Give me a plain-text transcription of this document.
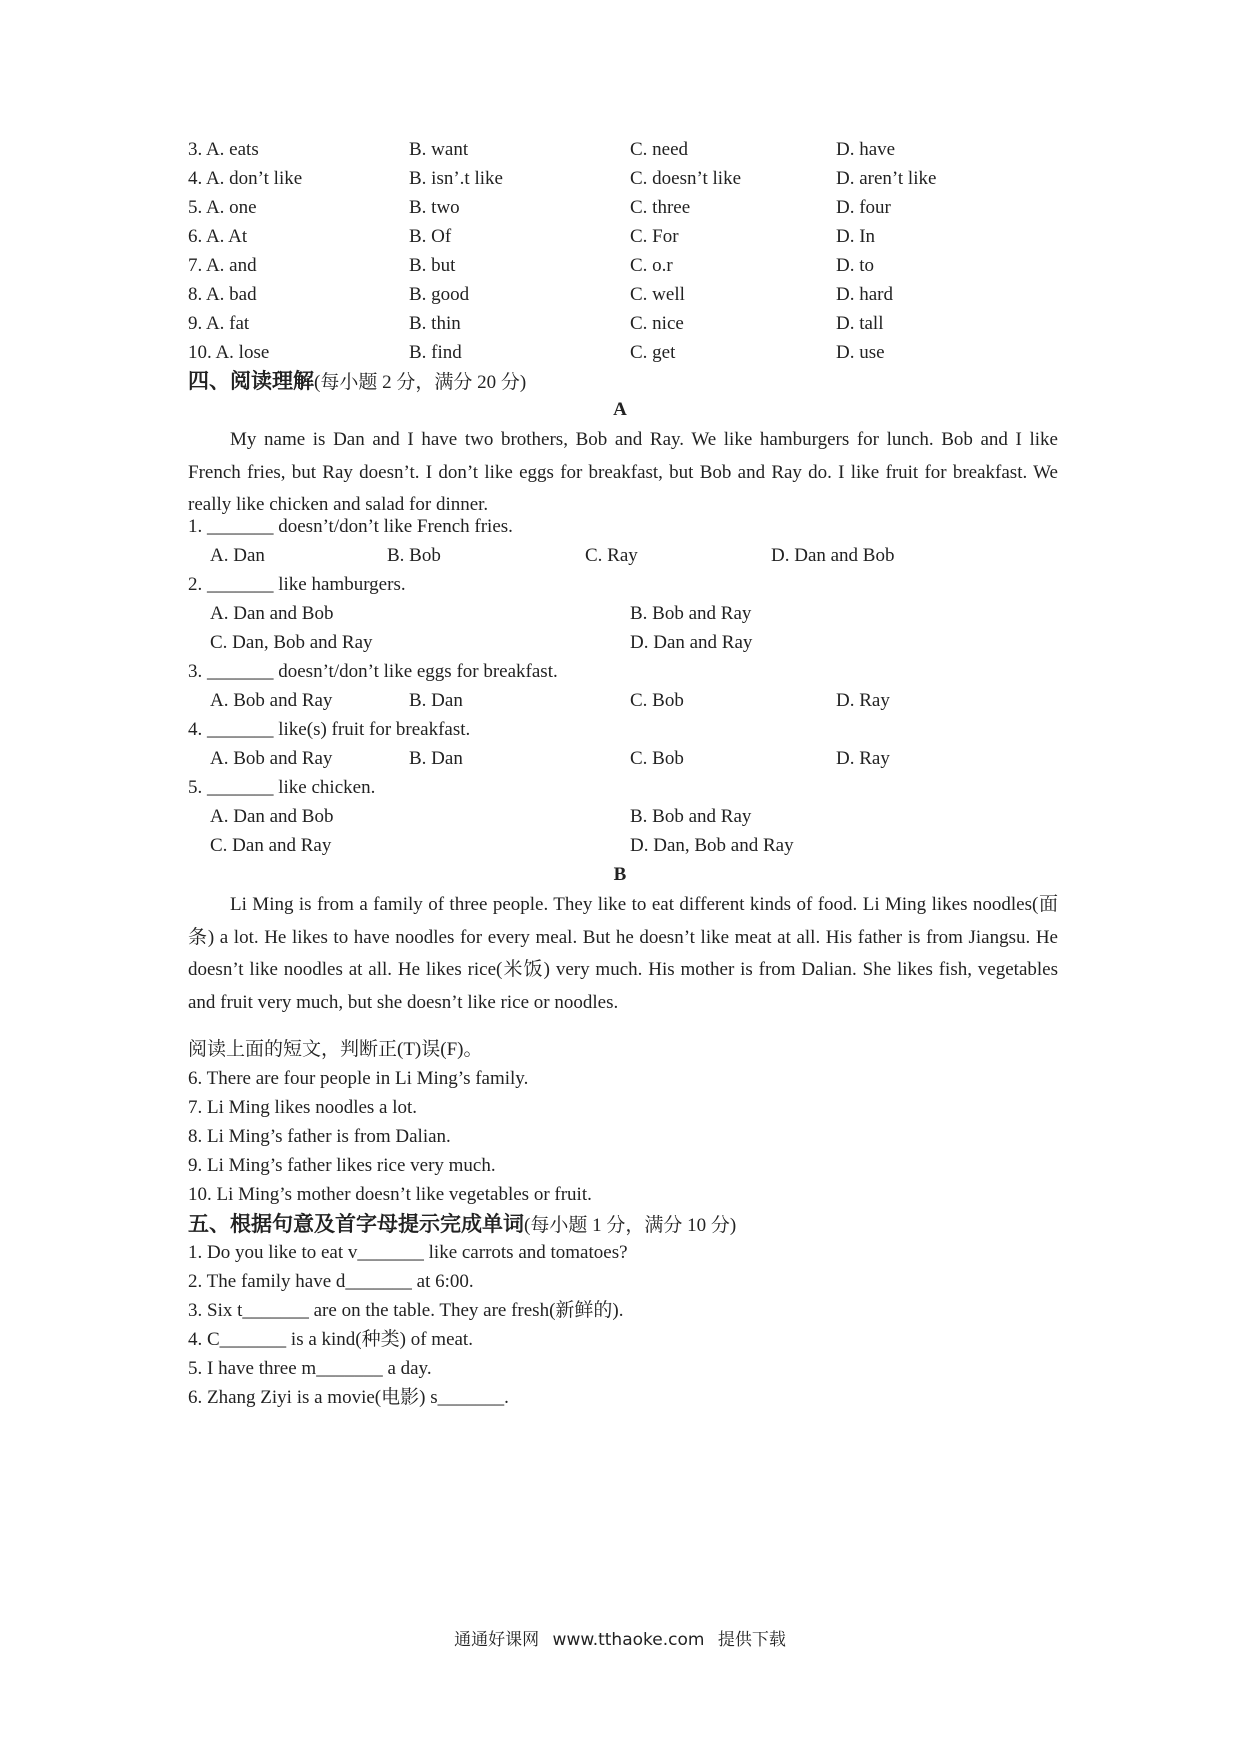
3. A. eats	B. want	C. need	D. have
4. A. don’t like	B. isn’.t like	C. doesn’t like	D. aren’t like
5. A. one	B. two	C. three	D. four
6. A. At	B. Of	C. For	D. In
7. A. and	B. but	C. o.r	D. to
8. A. bad	B. good	C. well	D. hard
9. A. fat	B. thin	C. nice	D. tall
10. A. lose	B. find	C. get	D. use
四、阅读理解(每小题 2 分，满分 20 分)
A

My name is Dan and I have two brothers, Bob and Ray. We like hamburgers for lunch. Bob and I like French fries, but Ray doesn’t. I don’t like eggs for breakfast, but Bob and Ray do. I like fruit for breakfast. We really like chicken and salad for dinner.

1. _______ doesn’t/don’t like French fries.
A. Dan	B. Bob	C. Ray	D. Dan and Bob
2. _______ like hamburgers.
A. Dan and Bob	B. Bob and Ray
C. Dan, Bob and Ray	D. Dan and Ray
3. _______ doesn’t/don’t like eggs for breakfast.
A. Bob and Ray	B. Dan	C. Bob	D. Ray
4. _______ like(s) fruit for breakfast.
A. Bob and Ray	B. Dan	C. Bob	D. Ray
5. _______ like chicken.
A. Dan and Bob	B. Bob and Ray
C. Dan and Ray	D. Dan, Bob and Ray
B

Li Ming is from a family of three people. They like to eat different kinds of food. Li Ming likes noodles(面条) a lot. He likes to have noodles for every meal. But he doesn’t like meat at all. His father is from Jiangsu. He doesn’t like noodles at all. He likes rice(米饭) very much. His mother is from Dalian. She likes fish, vegetables and fruit very much, but she doesn’t like rice or noodles.

阅读上面的短文，判断正(T)误(F)。
6. There are four people in Li Ming’s family.
7. Li Ming likes noodles a lot.
8. Li Ming’s father is from Dalian.
9. Li Ming’s father likes rice very much.
10. Li Ming’s mother doesn’t like vegetables or fruit.
五、根据句意及首字母提示完成单词(每小题 1 分，满分 10 分)
1. Do you like to eat v_______ like carrots and tomatoes?
2. The family have d_______ at 6:00.
3. Six t_______ are on the table. They are fresh(新鲜的).
4. C_______ is a kind(种类) of meat.
5. I have three m_______ a day.
6. Zhang Ziyi is a movie(电影) s_______.
通通好课网 www.tthaoke.com 提供下载
